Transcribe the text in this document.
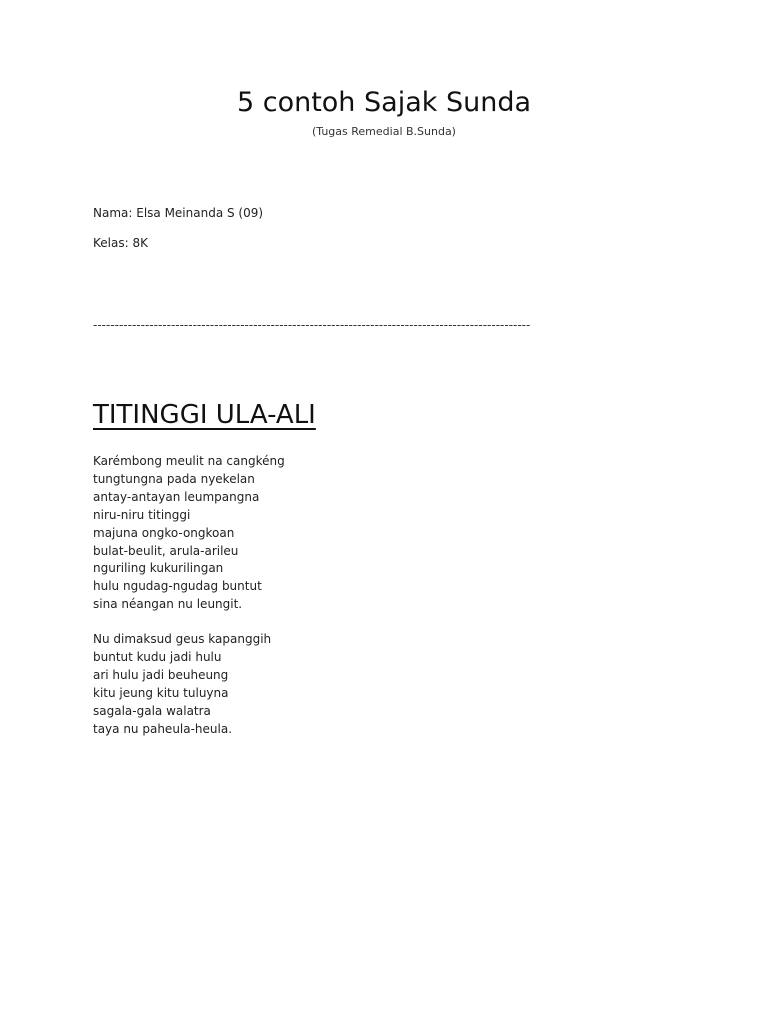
5 contoh Sajak Sunda
(Tugas Remedial B.Sunda)
Nama: Elsa Meinanda S (09)
Kelas: 8K
-----------------------------------------------------------------------------------------------------
TITINGGI ULA-ALI
Karémbong meulit na cangkéng
tungtungna pada nyekelan
antay-antayan leumpangna
niru-niru titinggi
majuna ongko-ongkoan
bulat-beulit, arula-arileu
nguriling kukurilingan
hulu ngudag-ngudag buntut
sina néangan nu leungit.
Nu dimaksud geus kapanggih
buntut kudu jadi hulu
ari hulu jadi beuheung
kitu jeung kitu tuluyna
sagala-gala walatra
taya nu paheula-heula.
